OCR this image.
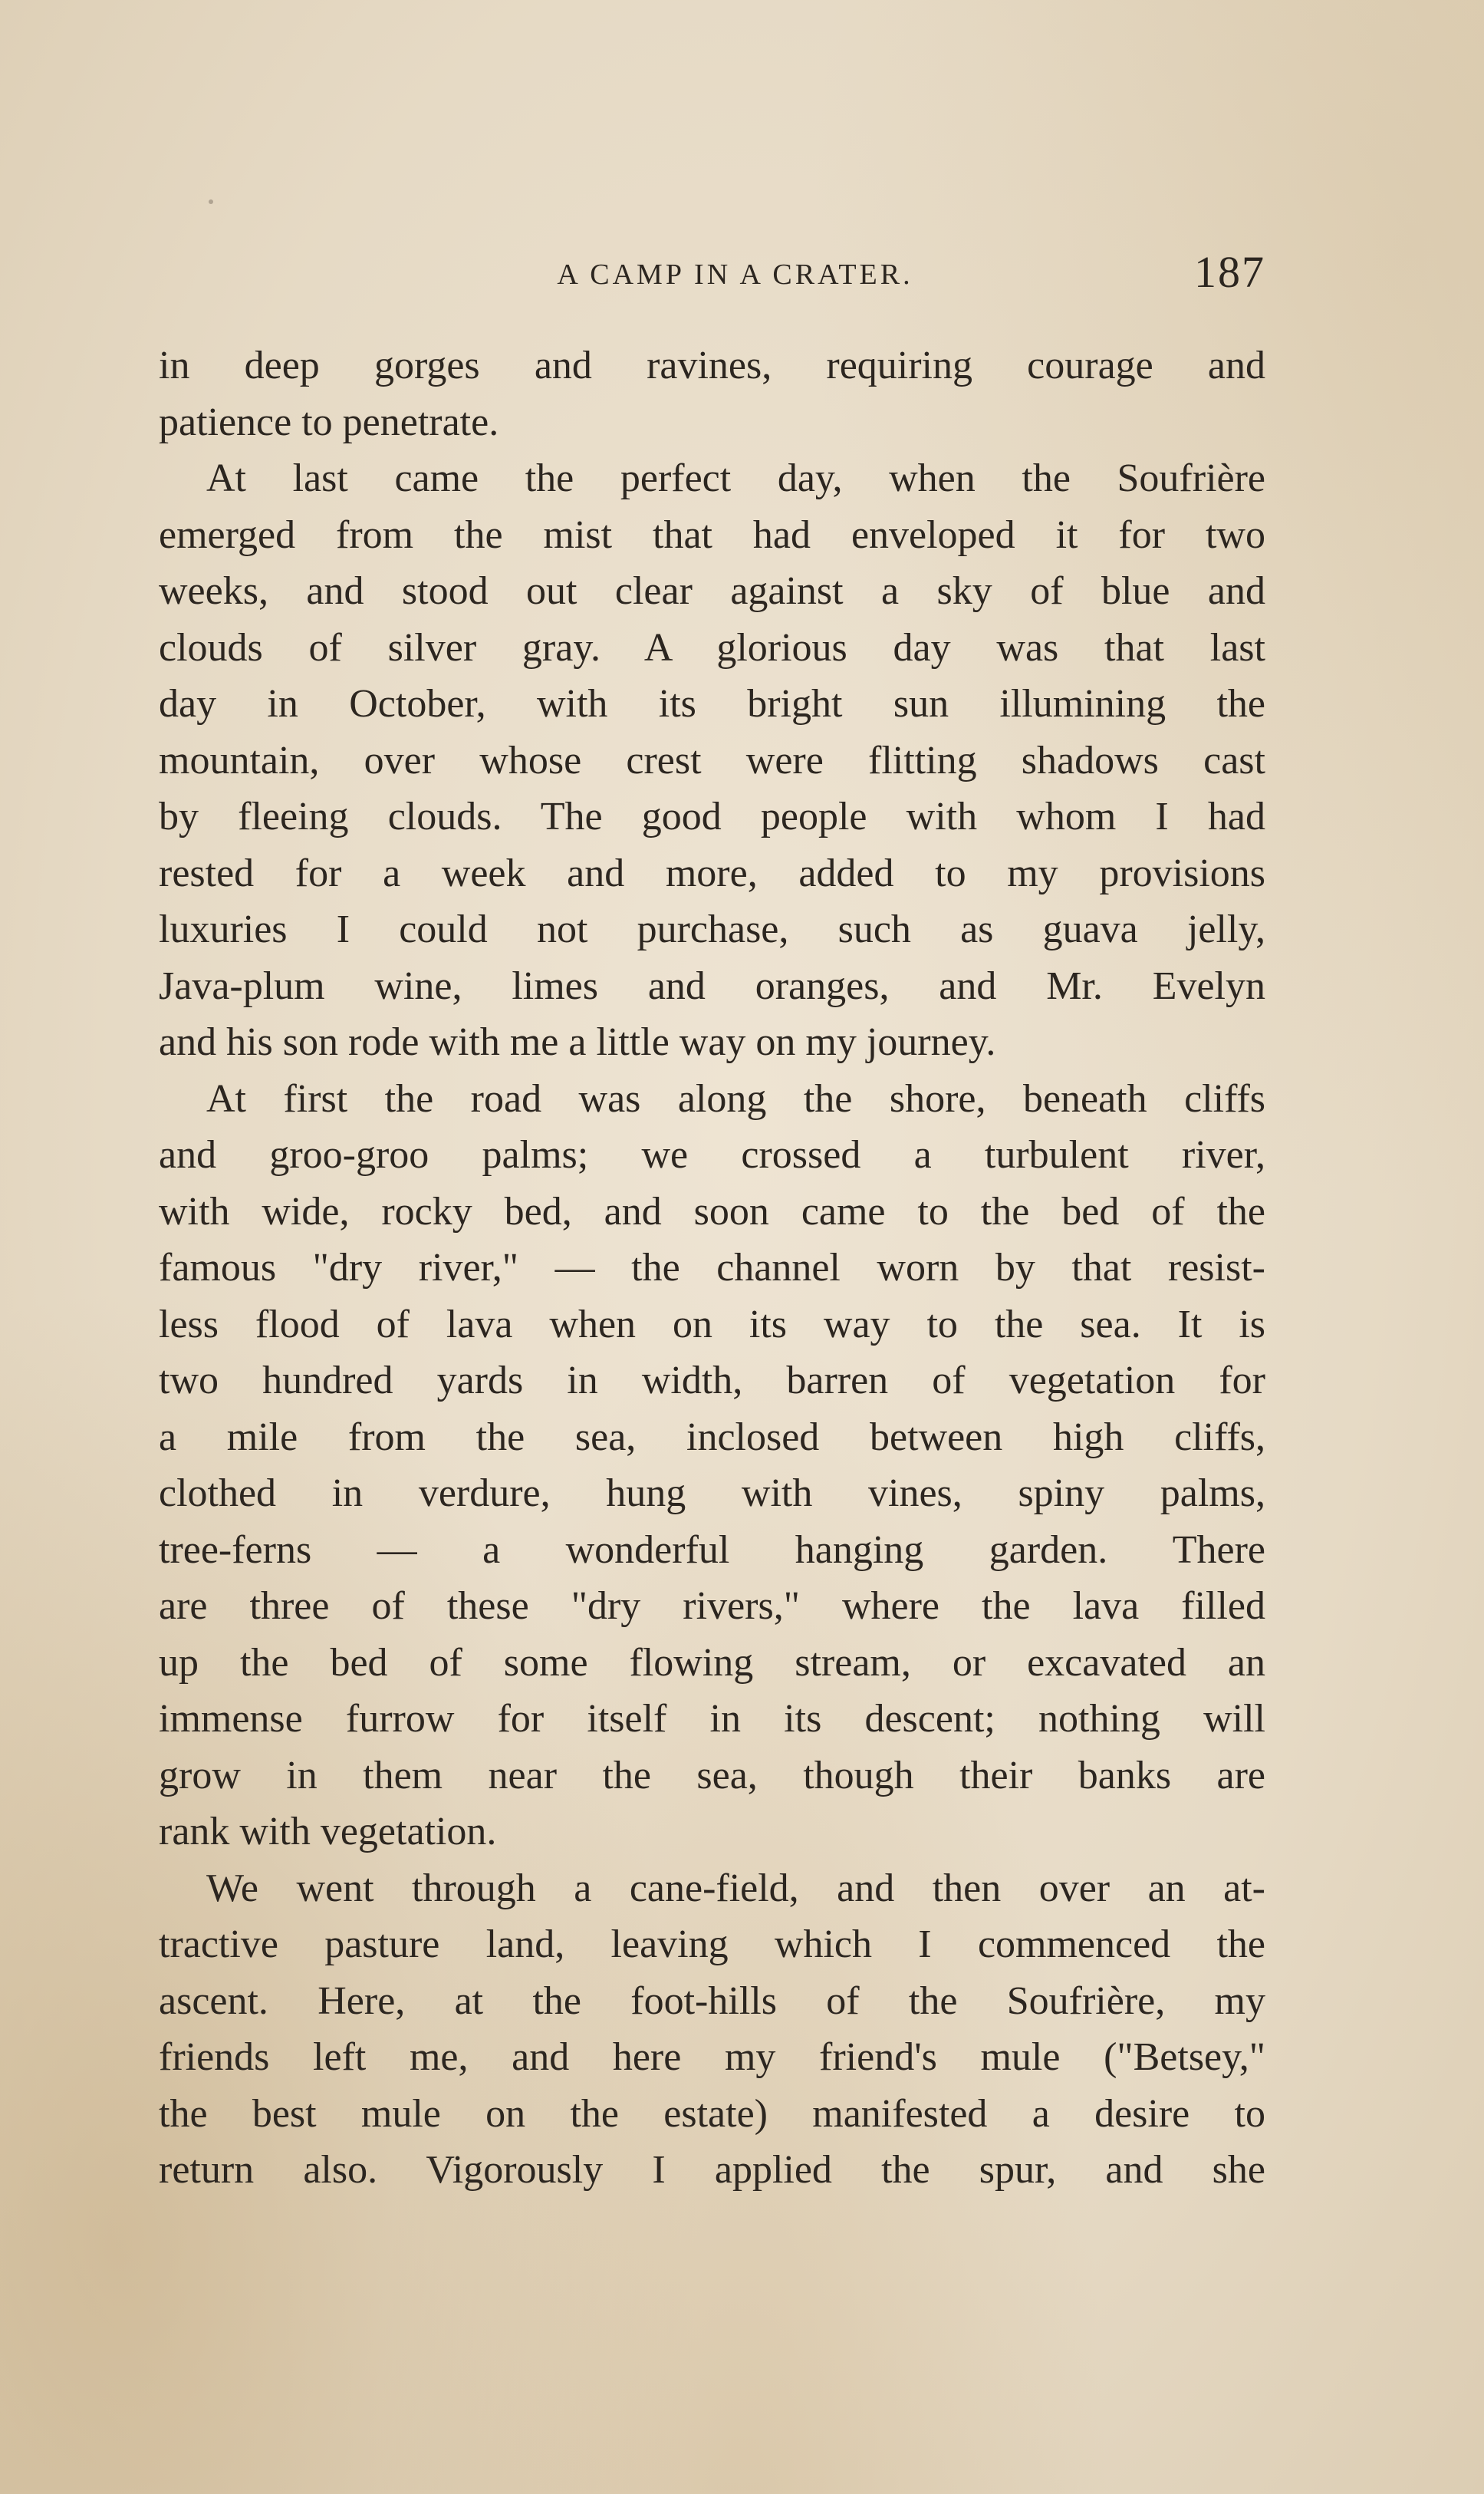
A CAMP IN A CRATER.	187

in deep gorges and ravines, requiring courage and
patience to penetrate.

At last came the perfect day, when the Soufrière
emerged from the mist that had enveloped it for two
weeks, and stood out clear against a sky of blue and
clouds of silver gray. A glorious day was that last
day in October, with its bright sun illumining the
mountain, over whose crest were flitting shadows cast
by fleeing clouds. The good people with whom I had
rested for a week and more, added to my provisions
luxuries I could not purchase, such as guava jelly,
Java-plum wine, limes and oranges, and Mr. Evelyn
and his son rode with me a little way on my journey.

At first the road was along the shore, beneath cliffs
and groo-groo palms; we crossed a turbulent river,
with wide, rocky bed, and soon came to the bed of the
famous "dry river," — the channel worn by that resist-
less flood of lava when on its way to the sea. It is
two hundred yards in width, barren of vegetation for
a mile from the sea, inclosed between high cliffs,
clothed in verdure, hung with vines, spiny palms,
tree-ferns — a wonderful hanging garden. There
are three of these "dry rivers," where the lava filled
up the bed of some flowing stream, or excavated an
immense furrow for itself in its descent; nothing will
grow in them near the sea, though their banks are
rank with vegetation.

We went through a cane-field, and then over an at-
tractive pasture land, leaving which I commenced the
ascent. Here, at the foot-hills of the Soufrière, my
friends left me, and here my friend's mule ("Betsey,"
the best mule on the estate) manifested a desire to
return also. Vigorously I applied the spur, and she
